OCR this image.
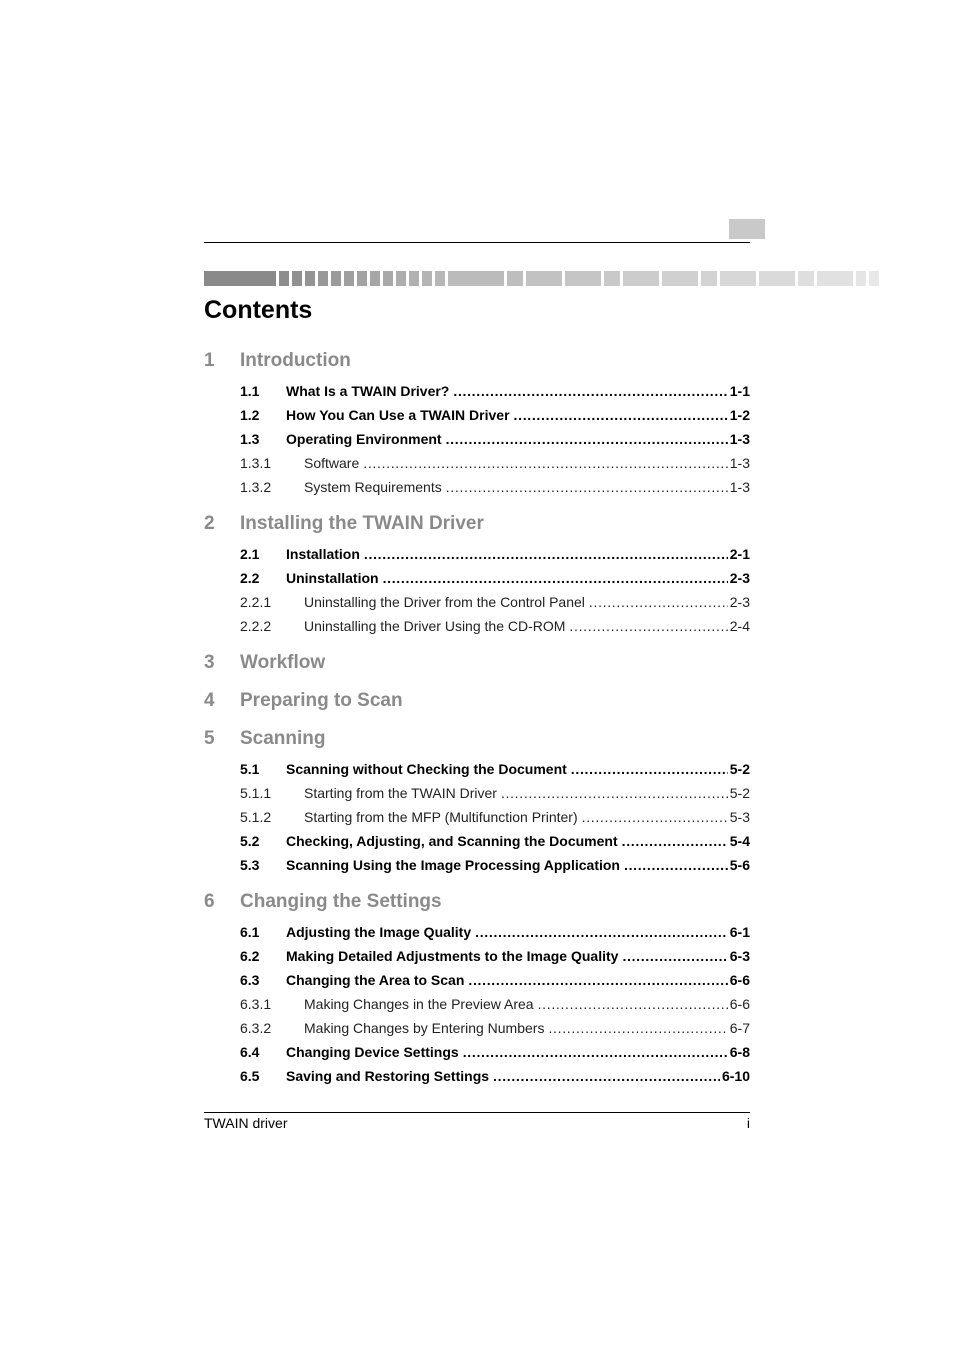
Contents
1	Introduction
1.1	What Is a TWAIN Driver? . . .	1-1
1.2	How You Can Use a TWAIN Driver . . .	1-2
1.3	Operating Environment . . .	1-3
1.3.1	Software . . .	1-3
1.3.2	System Requirements . . .	1-3
2	Installing the TWAIN Driver
2.1	Installation . . .	2-1
2.2	Uninstallation . . .	2-3
2.2.1	Uninstalling the Driver from the Control Panel . . .	2-3
2.2.2	Uninstalling the Driver Using the CD-ROM . . .	2-4
3	Workflow
4	Preparing to Scan
5	Scanning
5.1	Scanning without Checking the Document . . .	5-2
5.1.1	Starting from the TWAIN Driver . . .	5-2
5.1.2	Starting from the MFP (Multifunction Printer) . . .	5-3
5.2	Checking, Adjusting, and Scanning the Document . . .	5-4
5.3	Scanning Using the Image Processing Application . . .	5-6
6	Changing the Settings
6.1	Adjusting the Image Quality . . .	6-1
6.2	Making Detailed Adjustments to the Image Quality . . .	6-3
6.3	Changing the Area to Scan . . .	6-6
6.3.1	Making Changes in the Preview Area . . .	6-6
6.3.2	Making Changes by Entering Numbers . . .	6-7
6.4	Changing Device Settings . . .	6-8
6.5	Saving and Restoring Settings . . .	6-10
TWAIN driver	i
